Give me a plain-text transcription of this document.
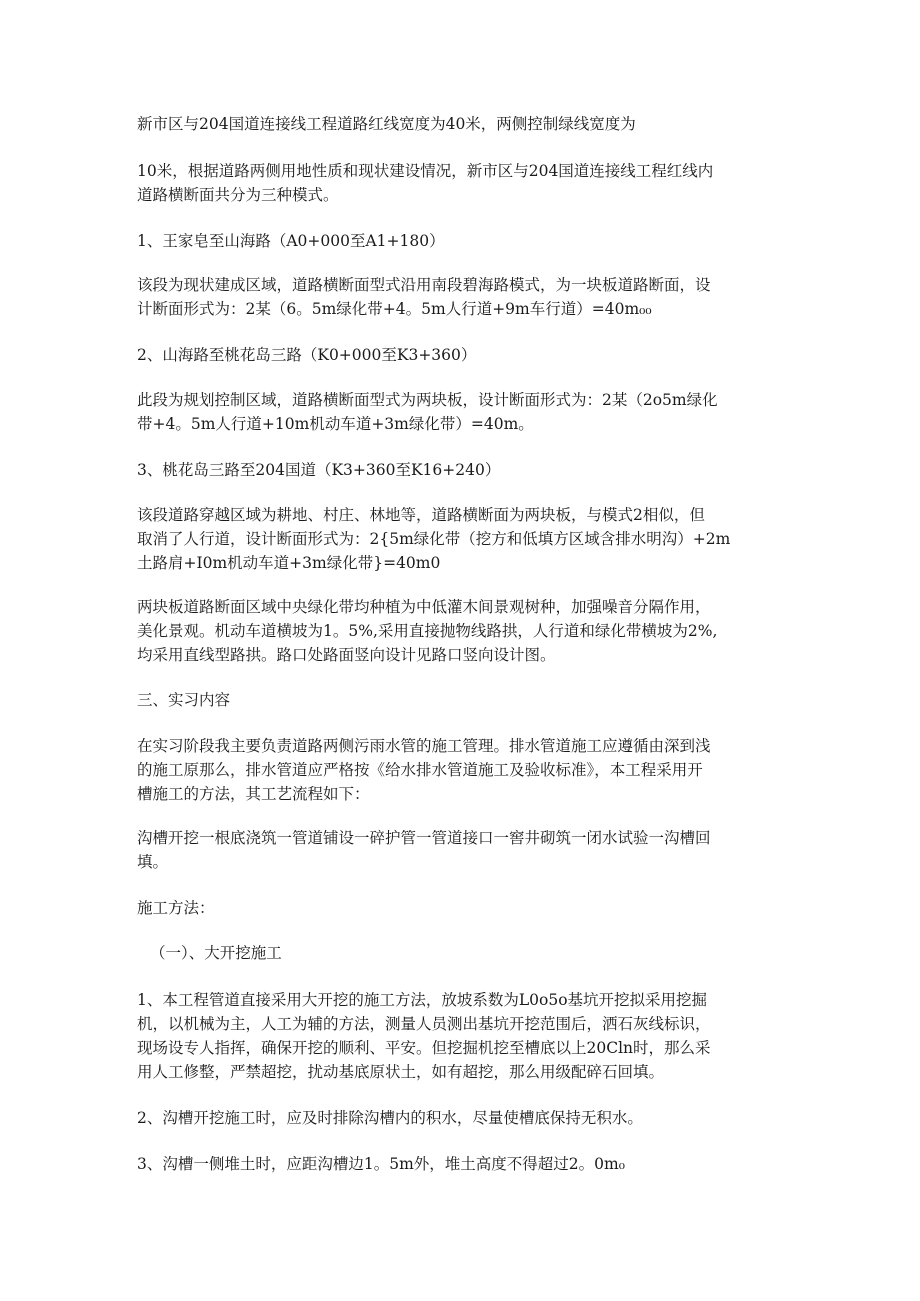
新市区与204国道连接线工程道路红线宽度为40米，两侧控制绿线宽度为

10米，根据道路两侧用地性质和现状建设情况，新市区与204国道连接线工程红线内
道路横断面共分为三种模式。

1、王家皂至山海路（A0+000至A1+180）

该段为现状建成区域，道路横断面型式沿用南段碧海路模式，为一块板道路断面，设
计断面形式为：2某（6。5m绿化带+4。5m人行道+9m车行道）=40m₀₀

2、山海路至桃花岛三路（K0+000至K3+360）

此段为规划控制区域，道路横断面型式为两块板，设计断面形式为：2某（2o5m绿化
带+4。5m人行道+10m机动车道+3m绿化带）=40m。

3、桃花岛三路至204国道（K3+360至K16+240）

该段道路穿越区域为耕地、村庄、林地等，道路横断面为两块板，与模式2相似，但
取消了人行道，设计断面形式为：2{5m绿化带（挖方和低填方区域含排水明沟）+2m
土路肩+I0m机动车道+3m绿化带}=40m0

两块板道路断面区域中央绿化带均种植为中低灌木间景观树种，加强噪音分隔作用，
美化景观。机动车道横坡为1。5%,采用直接抛物线路拱，人行道和绿化带横坡为2%,
均采用直线型路拱。路口处路面竖向设计见路口竖向设计图。

三、实习内容

在实习阶段我主要负责道路两侧污雨水管的施工管理。排水管道施工应遵循由深到浅
的施工原那么，排水管道应严格按《给水排水管道施工及验收标准》，本工程采用开
槽施工的方法，其工艺流程如下：

沟槽开挖一根底浇筑一管道铺设一碎护管一管道接口一窖井砌筑一闭水试验一沟槽回
填。

施工方法：

（一）、大开挖施工

1、本工程管道直接采用大开挖的施工方法，放坡系数为L0o5o基坑开挖拟采用挖掘
机，以机械为主，人工为辅的方法，测量人员测出基坑开挖范围后，洒石灰线标识，
现场设专人指挥，确保开挖的顺利、平安。但挖掘机挖至槽底以上20Cln时，那么采
用人工修整，严禁超挖，扰动基底原状土，如有超挖，那么用级配碎石回填。

2、沟槽开挖施工时，应及时排除沟槽内的积水，尽量使槽底保持无积水。

3、沟槽一侧堆土时，应距沟槽边1。5m外，堆土高度不得超过2。0m₀
